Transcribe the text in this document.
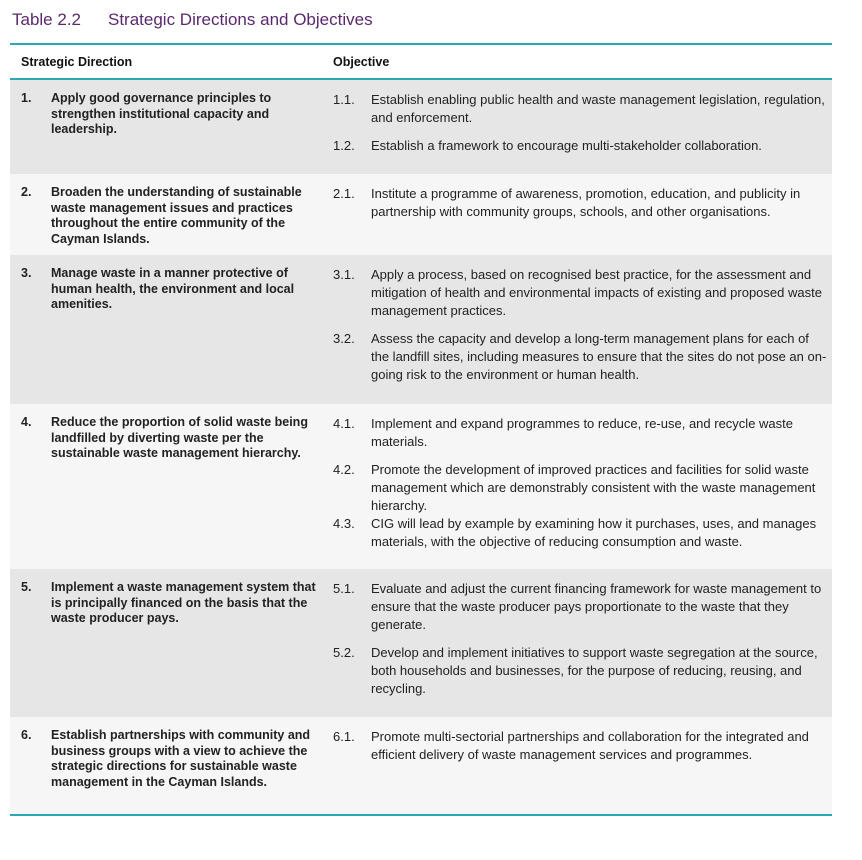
Table 2.2 Strategic Directions and Objectives
Strategic Direction	Objective
1. Apply good governance principles to strengthen institutional capacity and leadership.
1.1. Establish enabling public health and waste management legislation, regulation, and enforcement.
1.2. Establish a framework to encourage multi-stakeholder collaboration.
2. Broaden the understanding of sustainable waste management issues and practices throughout the entire community of the Cayman Islands.
2.1. Institute a programme of awareness, promotion, education, and publicity in partnership with community groups, schools, and other organisations.
3. Manage waste in a manner protective of human health, the environment and local amenities.
3.1. Apply a process, based on recognised best practice, for the assessment and mitigation of health and environmental impacts of existing and proposed waste management practices.
3.2. Assess the capacity and develop a long-term management plans for each of the landfill sites, including measures to ensure that the sites do not pose an on-going risk to the environment or human health.
4. Reduce the proportion of solid waste being landfilled by diverting waste per the sustainable waste management hierarchy.
4.1. Implement and expand programmes to reduce, re-use, and recycle waste materials.
4.2. Promote the development of improved practices and facilities for solid waste management which are demonstrably consistent with the waste management hierarchy.
4.3. CIG will lead by example by examining how it purchases, uses, and manages materials, with the objective of reducing consumption and waste.
5. Implement a waste management system that is principally financed on the basis that the waste producer pays.
5.1. Evaluate and adjust the current financing framework for waste management to ensure that the waste producer pays proportionate to the waste that they generate.
5.2. Develop and implement initiatives to support waste segregation at the source, both households and businesses, for the purpose of reducing, reusing, and recycling.
6. Establish partnerships with community and business groups with a view to achieve the strategic directions for sustainable waste management in the Cayman Islands.
6.1. Promote multi-sectorial partnerships and collaboration for the integrated and efficient delivery of waste management services and programmes.
